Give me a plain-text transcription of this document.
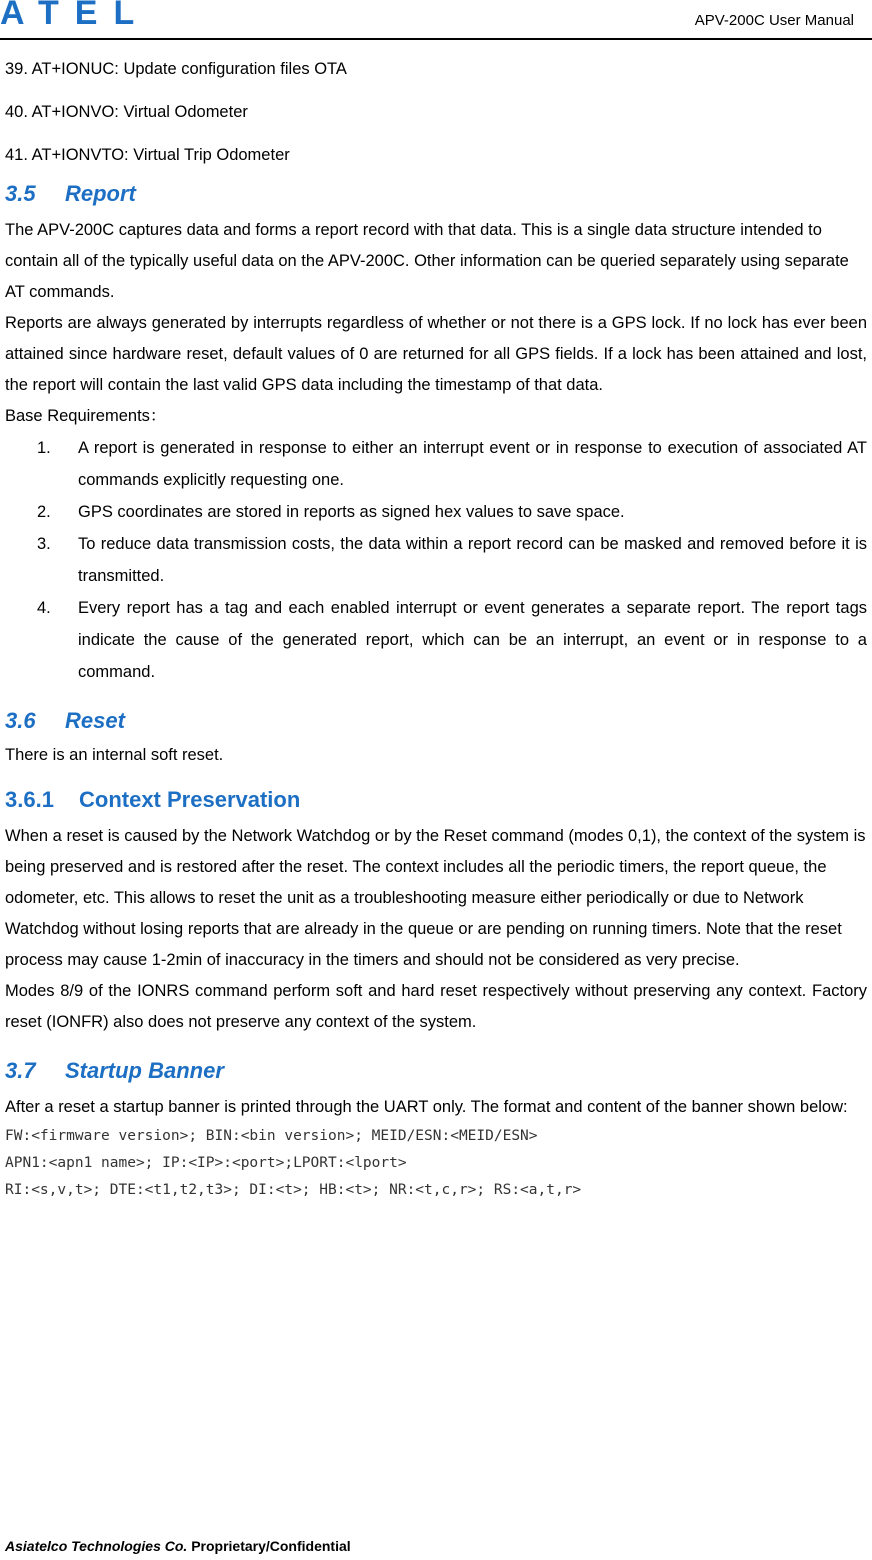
ATEL	APV-200C User Manual

39. AT+IONUC: Update configuration files OTA

40. AT+IONVO: Virtual Odometer

41. AT+IONVTO: Virtual Trip Odometer

3.5 Report

The APV-200C captures data and forms a report record with that data. This is a single data structure intended to contain all of the typically useful data on the APV-200C. Other information can be queried separately using separate AT commands.

Reports are always generated by interrupts regardless of whether or not there is a GPS lock. If no lock has ever been attained since hardware reset, default values of 0 are returned for all GPS fields. If a lock has been attained and lost, the report will contain the last valid GPS data including the timestamp of that data.

Base Requirements：

1. A report is generated in response to either an interrupt event or in response to execution of associated AT commands explicitly requesting one.
2. GPS coordinates are stored in reports as signed hex values to save space.
3. To reduce data transmission costs, the data within a report record can be masked and removed before it is transmitted.
4. Every report has a tag and each enabled interrupt or event generates a separate report. The report tags indicate the cause of the generated report, which can be an interrupt, an event or in response to a command.
3.6 Reset

There is an internal soft reset.

3.6.1 Context Preservation

When a reset is caused by the Network Watchdog or by the Reset command (modes 0,1), the context of the system is being preserved and is restored after the reset. The context includes all the periodic timers, the report queue, the odometer, etc. This allows to reset the unit as a troubleshooting measure either periodically or due to Network Watchdog without losing reports that are already in the queue or are pending on running timers. Note that the reset process may cause 1-2min of inaccuracy in the timers and should not be considered as very precise.

Modes 8/9 of the IONRS command perform soft and hard reset respectively without preserving any context. Factory reset (IONFR) also does not preserve any context of the system.

3.7 Startup Banner

After a reset a startup banner is printed through the UART only. The format and content of the banner shown below:

FW:<firmware version>; BIN:<bin version>; MEID/ESN:<MEID/ESN>

APN1:<apn1 name>; IP:<IP>:<port>;LPORT:<lport>

RI:<s,v,t>; DTE:<t1,t2,t3>; DI:<t>; HB:<t>; NR:<t,c,r>; RS:<a,t,r>

Asiatelco Technologies Co. Proprietary/Confidential
